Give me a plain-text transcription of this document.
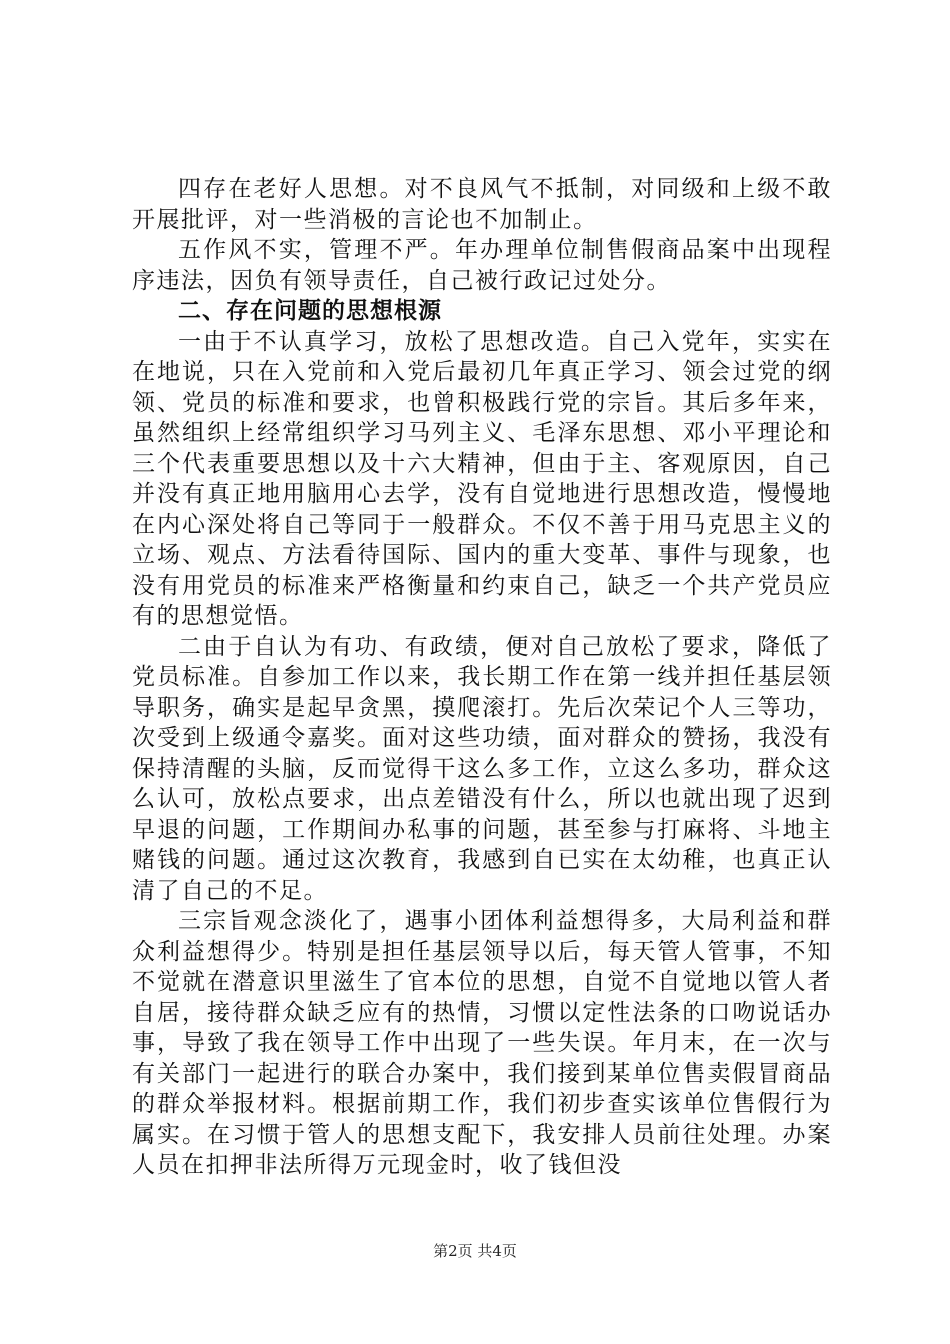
四存在老好人思想。对不良风气不抵制，对同级和上级不敢开展批评，对一些消极的言论也不加制止。

五作风不实，管理不严。年办理单位制售假商品案中出现程序违法，因负有领导责任，自己被行政记过处分。

二、存在问题的思想根源

一由于不认真学习，放松了思想改造。自己入党年，实实在在地说，只在入党前和入党后最初几年真正学习、领会过党的纲领、党员的标准和要求，也曾积极践行党的宗旨。其后多年来，虽然组织上经常组织学习马列主义、毛泽东思想、邓小平理论和三个代表重要思想以及十六大精神，但由于主、客观原因，自己并没有真正地用脑用心去学，没有自觉地进行思想改造，慢慢地在内心深处将自己等同于一般群众。不仅不善于用马克思主义的立场、观点、方法看待国际、国内的重大变革、事件与现象，也没有用党员的标准来严格衡量和约束自己，缺乏一个共产党员应有的思想觉悟。

二由于自认为有功、有政绩，便对自己放松了要求，降低了党员标准。自参加工作以来，我长期工作在第一线并担任基层领导职务，确实是起早贪黑，摸爬滚打。先后次荣记个人三等功，次受到上级通令嘉奖。面对这些功绩，面对群众的赞扬，我没有保持清醒的头脑，反而觉得干这么多工作，立这么多功，群众这么认可，放松点要求，出点差错没有什么，所以也就出现了迟到早退的问题，工作期间办私事的问题，甚至参与打麻将、斗地主赌钱的问题。通过这次教育，我感到自已实在太幼稚，也真正认清了自己的不足。

三宗旨观念淡化了，遇事小团体利益想得多，大局利益和群众利益想得少。特别是担任基层领导以后，每天管人管事，不知不觉就在潜意识里滋生了官本位的思想，自觉不自觉地以管人者自居，接待群众缺乏应有的热情，习惯以定性法条的口吻说话办事，导致了我在领导工作中出现了一些失误。年月末，在一次与有关部门一起进行的联合办案中，我们接到某单位售卖假冒商品的群众举报材料。根据前期工作，我们初步查实该单位售假行为属实。在习惯于管人的思想支配下，我安排人员前往处理。办案人员在扣押非法所得万元现金时，收了钱但没

第2页 共4页
